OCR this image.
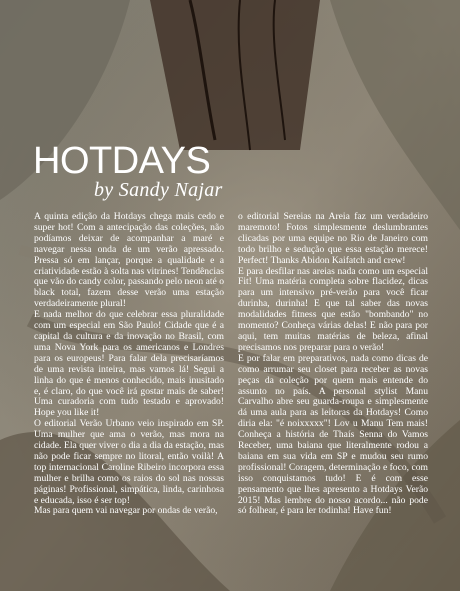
HOTDAYS

by Sandy Najar

A quinta edição da Hotdays chega mais cedo e super hot! Com a antecipação das coleções, não podíamos deixar de acompanhar a maré e navegar nessa onda de um verão apressado. Pressa só em lançar, porque a qualidade e a criatividade estão à solta nas vitrines! Tendências que vão do candy color, passando pelo neon até o black total, fazem desse verão uma estação verdadeiramente plural!

E nada melhor do que celebrar essa pluralidade com um especial em São Paulo! Cidade que é a capital da cultura e da inovação no Brasil, com uma Nova York para os americanos e Londres para os europeus! Para falar dela precisaríamos de uma revista inteira, mas vamos lá! Segui a linha do que é menos conhecido, mais inusitado e, é claro, do que você irá gostar mais de saber! Uma curadoria com tudo testado e aprovado! Hope you like it!

O editorial Verão Urbano veio inspirado em SP. Uma mulher que ama o verão, mas mora na cidade. Ela quer viver o dia a dia da estação, mas não pode ficar sempre no litoral, então voilà! A top internacional Caroline Ribeiro incorpora essa mulher e brilha como os raios do sol nas nossas páginas! Profissional, simpática, linda, carinhosa e educada, isso é ser top!

Mas para quem vai navegar por ondas de verão,

o editorial Sereias na Areia faz um verdadeiro maremoto! Fotos simplesmente deslumbrantes clicadas por uma equipe no Rio de Janeiro com todo brilho e sedução que essa estação merece! Perfect! Thanks Abidon Kaifatch and crew!

E para desfilar nas areias nada como um especial Fit! Uma matéria completa sobre flacidez, dicas para um intensivo pré-verão para você ficar durinha, durinha! E que tal saber das novas modalidades fitness que estão "bombando" no momento? Conheça várias delas! E não para por aqui, tem muitas matérias de beleza, afinal precisamos nos preparar para o verão!

E por falar em preparativos, nada como dicas de como arrumar seu closet para receber as novas peças da coleção por quem mais entende do assunto no país. A personal stylist Manu Carvalho abre seu guarda-roupa e simplesmente dá uma aula para as leitoras da Hotdays! Como diria ela: "é noixxxxx"! Lov u Manu Tem mais! Conheça a história de Thaís Senna do Vamos Receber, uma baiana que literalmente rodou a baiana em sua vida em SP e mudou seu rumo profissional! Coragem, determinação e foco, com isso conquistamos tudo! E é com esse pensamento que lhes apresento a Hotdays Verão 2015! Mas lembre do nosso acordo... não pode só folhear, é para ler todinha! Have fun!
